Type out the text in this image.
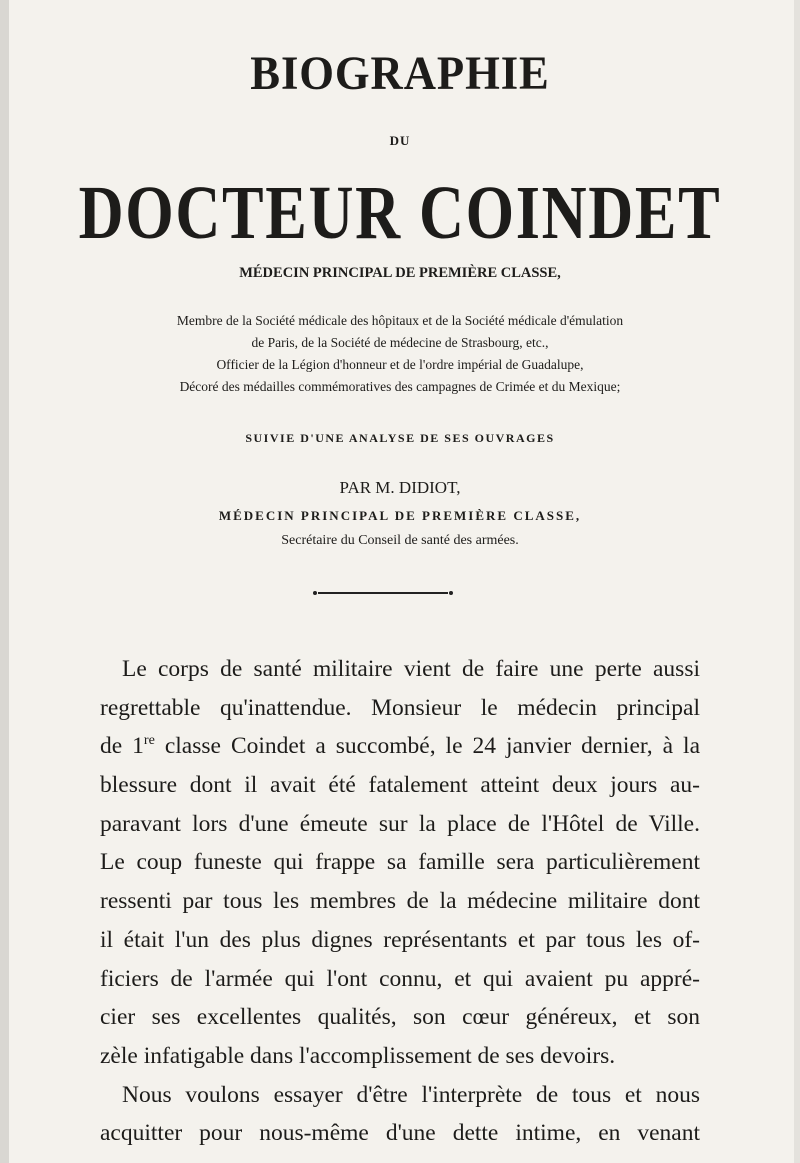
BIOGRAPHIE
DU
DOCTEUR COINDET
MÉDECIN PRINCIPAL DE PREMIÈRE CLASSE,
Membre de la Société médicale des hôpitaux et de la Société médicale d'émulation
de Paris, de la Société de médecine de Strasbourg, etc.,
Officier de la Légion d'honneur et de l'ordre impérial de Guadalupe,
Décoré des médailles commémoratives des campagnes de Crimée et du Mexique;
SUIVIE D'UNE ANALYSE DE SES OUVRAGES
PAR M. DIDIOT,
MÉDECIN PRINCIPAL DE PREMIÈRE CLASSE,
Secrétaire du Conseil de santé des armées.
Le corps de santé militaire vient de faire une perte aussi
regrettable qu'inattendue. Monsieur le médecin principal
de 1re classe Coindet a succombé, le 24 janvier dernier, à la
blessure dont il avait été fatalement atteint deux jours au-
paravant lors d'une émeute sur la place de l'Hôtel de Ville.
Le coup funeste qui frappe sa famille sera particulièrement
ressenti par tous les membres de la médecine militaire dont
il était l'un des plus dignes représentants et par tous les of-
ficiers de l'armée qui l'ont connu, et qui avaient pu appré-
cier ses excellentes qualités, son cœur généreux, et son
zèle infatigable dans l'accomplissement de ses devoirs.
Nous voulons essayer d'être l'interprète de tous et nous
acquitter pour nous-même d'une dette intime, en venant
